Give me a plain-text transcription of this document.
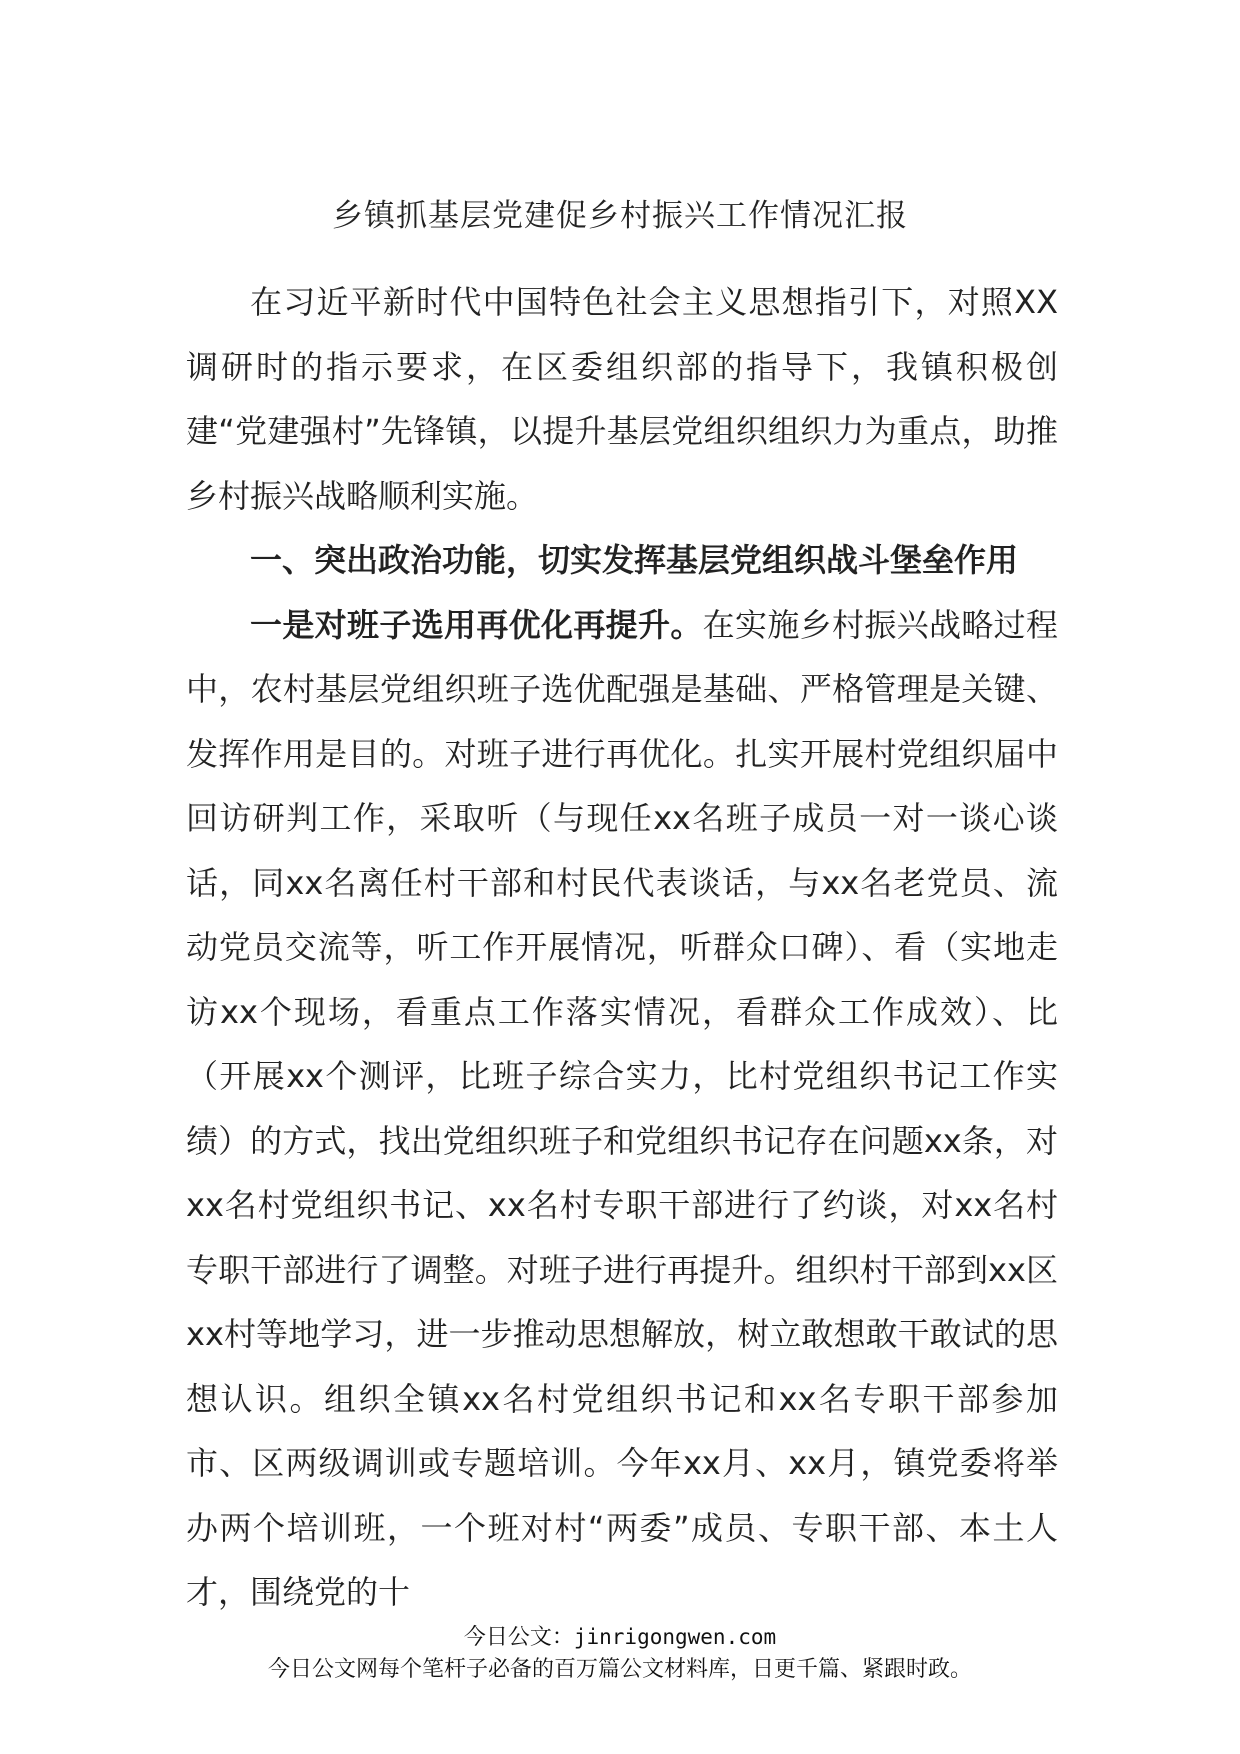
乡镇抓基层党建促乡村振兴工作情况汇报

在习近平新时代中国特色社会主义思想指引下，对照XX调研时的指示要求，在区委组织部的指导下，我镇积极创建“党建强村”先锋镇，以提升基层党组织组织力为重点，助推乡村振兴战略顺利实施。

一、突出政治功能，切实发挥基层党组织战斗堡垒作用

一是对班子选用再优化再提升。在实施乡村振兴战略过程中，农村基层党组织班子选优配强是基础、严格管理是关键、发挥作用是目的。对班子进行再优化。扎实开展村党组织届中回访研判工作，采取听（与现任xx名班子成员一对一谈心谈话，同xx名离任村干部和村民代表谈话，与xx名老党员、流动党员交流等，听工作开展情况，听群众口碑）、看（实地走访xx个现场，看重点工作落实情况，看群众工作成效）、比（开展xx个测评，比班子综合实力，比村党组织书记工作实绩）的方式，找出党组织班子和党组织书记存在问题xx条，对xx名村党组织书记、xx名村专职干部进行了约谈，对xx名村专职干部进行了调整。对班子进行再提升。组织村干部到xx区xx村等地学习，进一步推动思想解放，树立敢想敢干敢试的思想认识。组织全镇xx名村党组织书记和xx名专职干部参加市、区两级调训或专题培训。今年xx月、xx月，镇党委将举办两个培训班，一个班对村“两委”成员、专职干部、本土人才，围绕党的十

今日公文：jinrigongwen.com
今日公文网每个笔杆子必备的百万篇公文材料库，日更千篇、紧跟时政。
